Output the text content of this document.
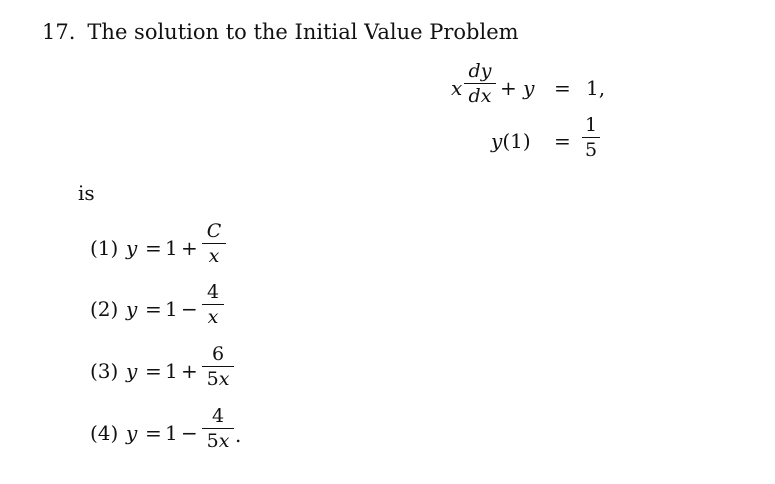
17. The solution to the Initial Value Problem
x
dy
dx + y = 1,
y(1) =
1
5
is
(1) y = 1 +
C
x
(2) y = 1 −
4
x
(3) y = 1 +
6
5x
(4) y = 1 −
4
5x .
